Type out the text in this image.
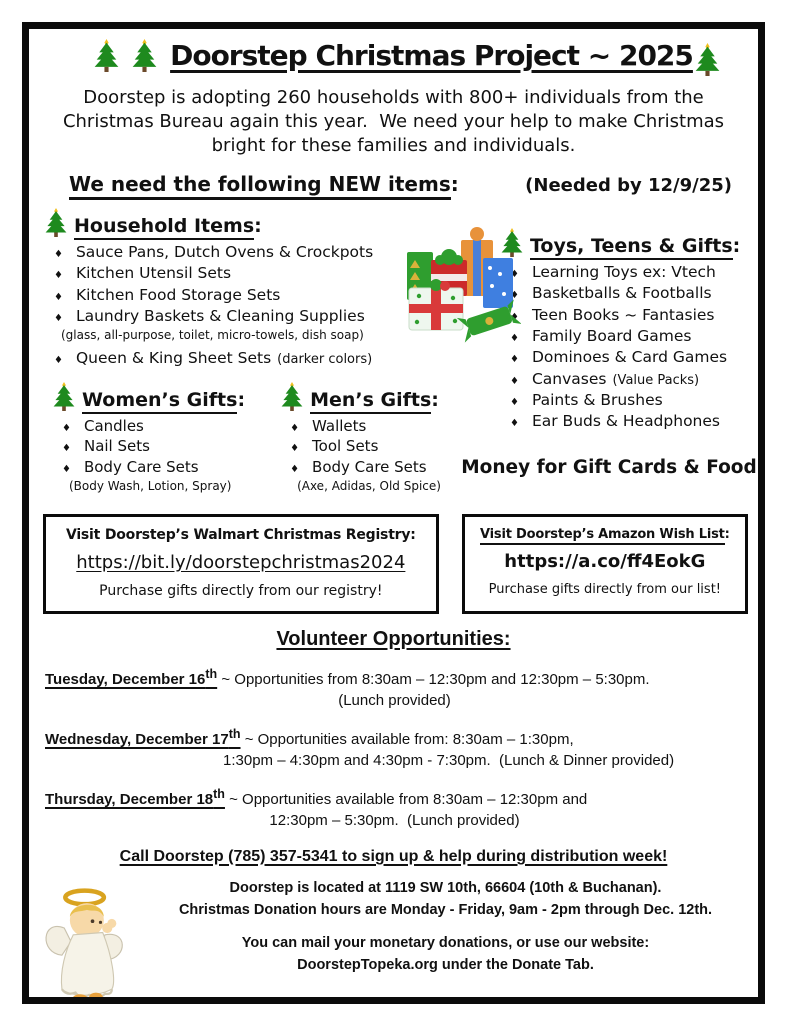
Doorstep Christmas Project ~ 2025
Doorstep is adopting 260 households with 800+ individuals from the
Christmas Bureau again this year.  We need your help to make Christmas
bright for these families and individuals.
We need the following NEW items:	(Needed by 12/9/25)
Household Items:
♦ Sauce Pans, Dutch Ovens & Crockpots
♦ Kitchen Utensil Sets
♦ Kitchen Food Storage Sets
♦ Laundry Baskets & Cleaning Supplies
(glass, all-purpose, toilet, micro-towels, dish soap)
♦ Queen & King Sheet Sets (darker colors)
Women’s Gifts:
♦ Candles
♦ Nail Sets
♦ Body Care Sets
(Body Wash, Lotion, Spray)
Men’s Gifts:
♦ Wallets
♦ Tool Sets
♦ Body Care Sets
(Axe, Adidas, Old Spice)
Toys, Teens & Gifts:
♦ Learning Toys ex: Vtech
♦ Basketballs & Footballs
♦ Teen Books ~ Fantasies
♦ Family Board Games
♦ Dominoes & Card Games
♦ Canvases (Value Packs)
♦ Paints & Brushes
♦ Ear Buds & Headphones
Money for Gift Cards & Food
Visit Doorstep’s Walmart Christmas Registry:
https://bit.ly/doorstepchristmas2024
Purchase gifts directly from our registry!
Visit Doorstep’s Amazon Wish List:
https://a.co/ff4EokG
Purchase gifts directly from our list!
Volunteer Opportunities:
Tuesday, December 16th ~ Opportunities from 8:30am – 12:30pm and 12:30pm – 5:30pm.
(Lunch provided)
Wednesday, December 17th ~ Opportunities available from: 8:30am – 1:30pm,
1:30pm – 4:30pm and 4:30pm - 7:30pm.  (Lunch & Dinner provided)
Thursday, December 18th ~ Opportunities available from 8:30am – 12:30pm and
12:30pm – 5:30pm.  (Lunch provided)
Call Doorstep (785) 357-5341 to sign up & help during distribution week!
Doorstep is located at 1119 SW 10th, 66604 (10th & Buchanan).
Christmas Donation hours are Monday - Friday, 9am - 2pm through Dec. 12th.
You can mail your monetary donations, or use our website:
DoorstepTopeka.org under the Donate Tab.
